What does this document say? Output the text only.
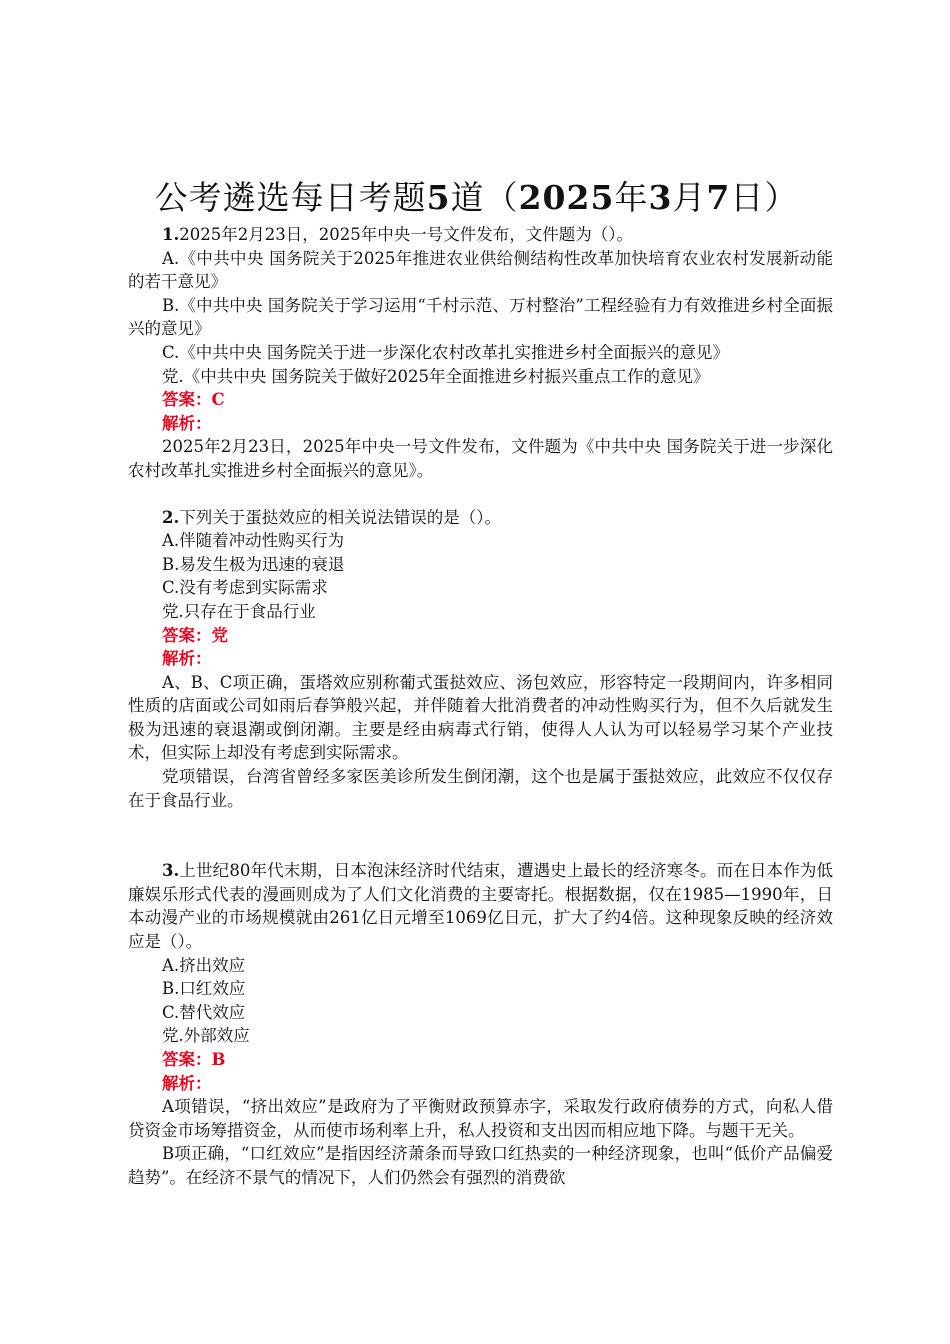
公考遴选每日考题5道（2025年3月7日）

1.2025年2月23日，2025年中央一号文件发布，文件题为（）。

A.《中共中央 国务院关于2025年推进农业供给侧结构性改革加快培育农业农村发展新动能的若干意见》

B.《中共中央 国务院关于学习运用“千村示范、万村整治”工程经验有力有效推进乡村全面振兴的意见》

C.《中共中央 国务院关于进一步深化农村改革扎实推进乡村全面振兴的意见》

党.《中共中央 国务院关于做好2025年全面推进乡村振兴重点工作的意见》

答案：C

解析：

2025年2月23日，2025年中央一号文件发布，文件题为《中共中央 国务院关于进一步深化农村改革扎实推进乡村全面振兴的意见》。

2.下列关于蛋挞效应的相关说法错误的是（）。

A.伴随着冲动性购买行为

B.易发生极为迅速的衰退

C.没有考虑到实际需求

党.只存在于食品行业

答案：党

解析：

A、B、C项正确，蛋塔效应别称葡式蛋挞效应、汤包效应，形容特定一段期间内，许多相同性质的店面或公司如雨后春笋般兴起，并伴随着大批消费者的冲动性购买行为，但不久后就发生极为迅速的衰退潮或倒闭潮。主要是经由病毒式行销，使得人人认为可以轻易学习某个产业技术，但实际上却没有考虑到实际需求。

党项错误，台湾省曾经多家医美诊所发生倒闭潮，这个也是属于蛋挞效应，此效应不仅仅存在于食品行业。

3.上世纪80年代末期，日本泡沫经济时代结束，遭遇史上最长的经济寒冬。而在日本作为低廉娱乐形式代表的漫画则成为了人们文化消费的主要寄托。根据数据，仅在1985—1990年，日本动漫产业的市场规模就由261亿日元增至1069亿日元，扩大了约4倍。这种现象反映的经济效应是（）。

A.挤出效应

B.口红效应

C.替代效应

党.外部效应

答案：B

解析：

A项错误，“挤出效应”是政府为了平衡财政预算赤字，采取发行政府债券的方式，向私人借贷资金市场筹措资金，从而使市场利率上升，私人投资和支出因而相应地下降。与题干无关。

B项正确，“口红效应”是指因经济萧条而导致口红热卖的一种经济现象，也叫“低价产品偏爱趋势”。在经济不景气的情况下，人们仍然会有强烈的消费欲
